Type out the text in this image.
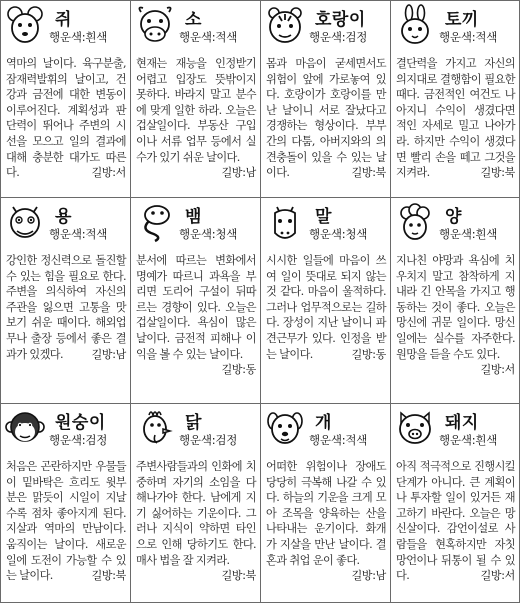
쥐
행운색:흰색
역마의 날이다. 육구분출, 잠재력발휘의 날이고, 건강과 금전에 대한 변동이 이루어진다. 계획성과 판단력이 뛰어나 주변의 시선을 모으고 일의 결과에 대해 충분한 대가도 따른다.	길방:서
소
행운색:적색
현재는 재능을 인정받기 어렵고 입장도 뜻밖이지 못하다. 바라지 말고 분수에 맞게 일한 하라. 오늘은 겁살일이다. 부동산 구입이나 서류 업무 등에서 실수가 있기 쉬운 날이다.
길방:남
호랑이
행운색:검정
몸과 마음이 굳세면서도 위험이 앞에 가로놓여 있다. 호랑이가 호랑이를 만난 날이니 서로 잘났다고 경쟁하는 형상이다. 부부간의 다툼, 아버지와의 의견충돌이 있을 수 있는 날이다.	길방:북
토끼
행운색:적색
결단력을 가지고 자신의 의지대로 결행함이 필요한 때다. 금전적인 여건도 나아지니 수익이 생겼다면 적인 자세로 밀고 나아가라. 하지만 수익이 생겼다면 빨리 손을 떼고 그것을 지켜라.	길방:북
용
행운색:적색
강인한 정신력으로 돌진할 수 있는 힘을 필요로 한다. 주변을 의식하여 자신의 주관을 잃으면 고통을 맛보기 쉬운 때이다. 해외업무나 출장 등에서 좋은 결과가 있겠다.	길방:남
뱀
행운색:청색
분서에 따르는 변화에서 명예가 따르니 과욕을 부리면 도리어 구설이 뒤따르는 경향이 있다. 오늘은 겁살일이다. 욕심이 많은 날이다. 금전적 피해나 이익을 볼 수 있는 날이다.
길방:동
말
행운색:청색
시시한 일들에 마음이 쓰여 일이 뜻대로 되지 않는 것 같다. 마음이 울적하다. 그러나 업무적으로는 길하다. 장성이 지난 날이니 파견근무가 있다. 인정을 받는 날이다.	길방:동
양
행운색:흰색
지나친 야망과 욕심에 치우치지 말고 참착하게 지내라 긴 안목을 가지고 행동하는 것이 좋다. 오늘은 망신에 귀문 일이다. 망신 일에는 실수를 자주한다. 원망을 듣을 수도 있다.
길방:서
원숭이
행운색:검정
처음은 곤란하지만 우물들이 밑바탁은 흐리도 윗부분은 맑듯이 시일이 지날수록 점차 좋아지게 된다. 지살과 역마의 만남이다. 움직이는 날이다. 새로운 일에 도전이 가능할 수 있는 날이다.	길방:북
닭
행운색:검정
주변사람들과의 인화에 치중하며 자기의 소임을 다 해나가야 한다. 남에게 지기 싫어하는 기운이다. 그러나 지식이 약하면 타인으로 인해 당하기도 한다. 매사 법을 잘 지켜라.
길방:북
개
행운색:적색
어떠한 위험이나 장애도 당당히 극복해 나갈 수 있다. 하늘의 기운을 크게 모아 조목을 양육하는 산을 나타내는 운기이다. 화개가 지살을 만난 날이다. 결혼과 취업 운이 좋다.
길방:남
돼지
행운색:흰색
아직 적극적으로 진행시킬 단계가 아니다. 큰 계획이나 투자할 일이 있거든 재고하기 바란다. 오늘은 망신살이다. 감언이설로 사람들을 현혹하지만 자칫 망언이나 뒤통이 될 수 있다.	길방:서
